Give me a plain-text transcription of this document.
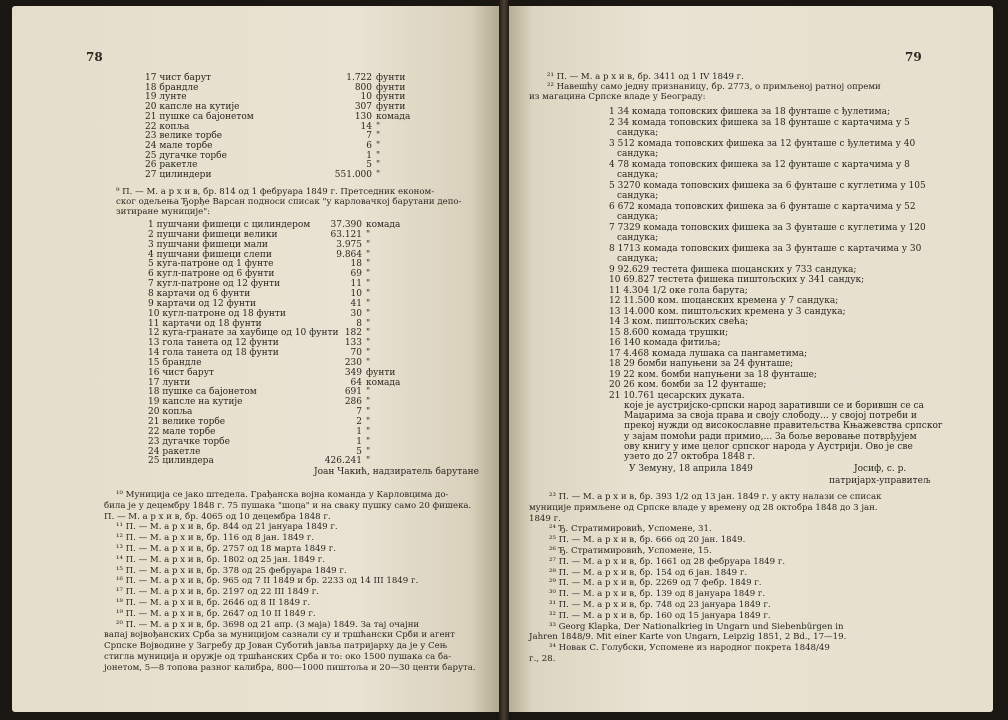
78
17 чист барут	1.722 фунти
18 брандле	800 фунти
19 лунте	10 фунти
20 капсле на кутије	307 фунти
21 пушке са бајонетом	130 комада
22 копља	14 "
23 велике торбе	7 "
24 мале торбе	6 "
25 дугачке торбе	1 "
26 ракетле	5 "
27 цилиндери	551.000 "
⁹ П. — М. а р х и в, бр. 814 од 1 фебруара 1849 г. Претседник економ-
ског одељења Ђорђе Варсан подноси списак "у карловачкој барутани депо-
зитиране муниције":
1 пушчани фишеци с цилиндером	37.390 комада
2 пушчани фишеци велики	63.121 "
3 пушчани фишеци мали	3.975 "
4 пушчани фишеци слепи	9.864 "
5 куга-патроне од 1 фунте	18 "
6 кугл-патроне од 6 фунти	69 "
7 кугл-патроне од 12 фунти	11 "
8 картачи од 6 фунти	10 "
9 картачи од 12 фунти	41 "
10 кугл-патроне од 18 фунти	30 "
11 картачи од 18 фунти	8 "
12 куга-гранате за хаубице од 10 фунти 182 "
13 гола танета од 12 фунти	133 "
14 гола танета од 18 фунти	70 "
15 брандле	230 "
16 чист барут	349 фунти
17 лунти	64 комада
18 пушке са бајонетом	691 "
19 капсле на кутије	286 "
20 копља	7 "
21 велике торбе	2 "
22 мале торбе	1 "
23 дугачке торбе	1 "
24 ракетле	5 "
25 цилиндера	426.241 "
Јоан Чакић, надзиратель барутане
¹⁰ Муниција се јако штедела. Грађанска војна команда у Карловцима до-
била је у децембру 1848 г. 75 пушака "шоца" и на сваку пушку само 20 фишека.
П. — М. а р х и в, бр. 4065 од 10 децембра 1848 г.
¹¹ П. — М. а р х и в, бр. 844 од 21 јануара 1849 г.
¹² П. — М. а р х и в, бр. 116 од 8 јан. 1849 г.
¹³ П. — М. а р х и в, бр. 2757 од 18 марта 1849 г.
¹⁴ П. — М. а р х и в, бр. 1802 од 25 јан. 1849 г.
¹⁵ П. — М. а р х и в, бр. 378 од 25 фебруара 1849 г.
¹⁶ П. — М. а р х и в, бр. 965 од 7 II 1849 и бр. 2233 од 14 III 1849 г.
¹⁷ П. — М. а р х и в, бр. 2197 од 22 III 1849 г.
¹⁸ П. — М. а р х и в, бр. 2646 од 8 II 1849 г.
¹⁹ П. — М. а р х и в, бр. 2647 од 10 II 1849 г.
²⁰ П. — М. а р х и в, бр. 3698 од 21 апр. (3 маја) 1849. За тај очајни
вапај војвођанских Срба за муницијом сазнали су и тршћански Срби и агент
Српске Војводине у Загребу др Јован Суботић јавља патријарху да је у Сењ
стигла муниција и оружје од тршћанских Срба и то: око 1500 пушака са ба-
јонетом, 5—8 топова разног калибра, 800—1000 пиштоља и 20—30 центи барута.
79
²¹ П. — М. а р х и в, бр. 3411 од 1 IV 1849 г.
²² Навешћу само једну признаницу, бр. 2773, о примљеној ратној опреми
из магацина Српске владе у Београду:
1 34 комада топовских фишека за 18 фунташе с ђулетима;
2 34 комада топовских фишека за 18 фунташе с картачима у 5
сандука;
3 512 комада топовских фишека за 12 фунташе с ђулетима у 40
сандука;
4 78 комада топовских фишека за 12 фунташе с картачима у 8
сандука;
5 3270 комада топовских фишека за 6 фунташе с куглетима у 105
сандука;
6 672 комада топовских фишека за 6 фунташе с картачима у 52
сандука;
7 7329 комада топовских фишека за 3 фунташе с куглетима у 120
сандука;
8 1713 комада топовских фишека за 3 фунташе с картачима у 30
сандука;
9 92.629 тестета фишека шоцанских у 733 сандука;
10 69.827 тестета фишека пиштољских у 341 сандук;
11 4.304 1/2 оке гола барута;
12 11.500 ком. шоцанских кремена у 7 сандука;
13 14.000 ком. пиштољских кремена у 3 сандука;
14 3 ком. пиштољских свећа;
15 8.600 комада трушки;
16 140 комада фитиља;
17 4.468 комада лушака са пангаметима;
18 29 бомби напуњени за 24 фунташе;
19 22 ком. бомби напуњени за 18 фунташе;
20 26 ком. бомби за 12 фунташе;
21 10.761 цесарских дуката.
које је аустријско-српски народ заративши се и борившн се са
Маџарима за своја права и своју слободу... у својој потреби и
прекој нужди од високославне правитељства Књажевства српског
у зајам помоћи ради примио,... За боље веровање потврђујем
ову книгу у име целог српског народа у Аустрији. Ово је све
узето до 27 октобра 1848 г.
У Земуну, 18 априла 1849	Јосиф, с. р.
патријарх-управитељ
²³ П. — М. а р х и в, бр. 393 1/2 од 13 јан. 1849 г. у акту налази се списак
муниције примљене од Српске владе у времену од 28 октобра 1848 до 3 јан.
1849 г.
²⁴ Ђ. Стратимировић, Успомене, 31.
²⁵ П. — М. а р х и в, бр. 666 од 20 јан. 1849.
²⁶ Ђ. Стратимировић, Успомене, 15.
²⁷ П. — М. а р х и в, бр. 1661 од 28 фебруара 1849 г.
²⁸ П. — М. а р х и в, бр. 154 од 6 јан. 1849 г.
²⁹ П. — М. а р х и в, бр. 2269 од 7 фебр. 1849 г.
³⁰ П. — М. а р х и в, бр. 139 од 8 јануара 1849 г.
³¹ П. — М. а р х и в, бр. 748 од 23 јануара 1849 г.
³² П. — М. а р х и в, бр. 160 од 15 јануара 1849 г.
³³ Georg Klapka, Der Nationalkrieg in Ungarn und Siebenbürgen in
Jahren 1848/9. Mit einer Karte von Ungarn, Leipzig 1851, 2 Bd., 17—19.
³⁴ Новак С. Голубски, Успомене из народног покрета 1848/49
г., 28.
